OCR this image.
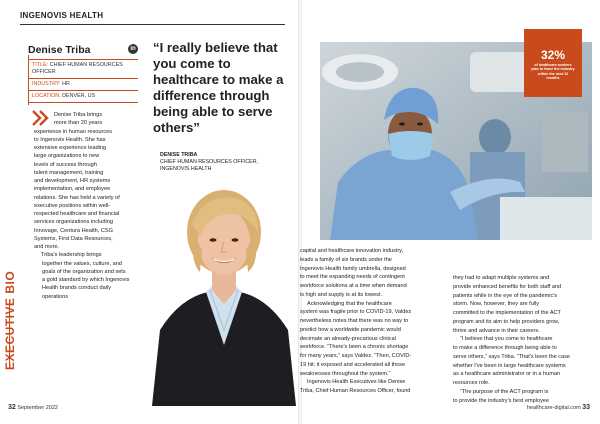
INGENOVIS HEALTH
Denise Triba	in
TITLE: CHIEF HUMAN RESOURCES OFFICER
INDUSTRY: HR
LOCATION: DENVER, US

Denise Triba brings
more than 20 years
experience in human resources
to Ingenovis Health. She has
extensive experience leading
large organizations to new
levels of success through
talent management, training
and development, HR systems
implementation, and employee
relations. She has held a variety of
executive positions within well-
respected healthcare and financial
services organizations including
Innovage, Centura Health, CSG
Systems, First Data Resources,
and more.

Triba's leadership brings
together the values, culture, and
goals of the organization and sets
a gold standard by which Ingenovis
Health brands conduct daily
operations

EXECUTIVE BIO
“I really believe that you come to healthcare to make a difference through being able to serve others”
DENISE TRIBA
CHIEF HUMAN RESOURCES OFFICER,
INGENOVIS HEALTH
32%
of healthcare workers plan to leave the industry within the next 12 months

capital and healthcare innovation industry,
leads a family of six brands under the
Ingenovis Health family umbrella, designed
to meet the expanding needs of contingent
workforce solutions at a time when demand
is high and supply is at its lowest.

Acknowledging that the healthcare
system was fragile prior to COVID-19, Valdez
nevertheless notes that there was no way to
predict how a worldwide pandemic would
decimate an already-precarious clinical
workforce. “There's been a chronic shortage
for many years,” says Valdez. “Then, COVID-
19 hit; it exposed and accelerated all those
weaknesses throughout the system.”

Ingenovis Health Executives like Denise
Triba, Chief Human Resources Officer, found

they had to adapt multiple systems and
provide enhanced benefits for both staff and
patients while in the eye of the pandemic's
storm. Now, however, they are fully
committed to the implementation of the ACT
program and its aim to help providers grow,
thrive and advance in their careers.

“I believe that you come to healthcare
to make a difference through being able to
serve others,” says Triba. “That's been the case
whether I've been in large healthcare systems
as a healthcare administrator or in a human
resources role.

“The purpose of the ACT program is
to provide the industry's best employee

32 September 2022	healthcare-digital.com 33
